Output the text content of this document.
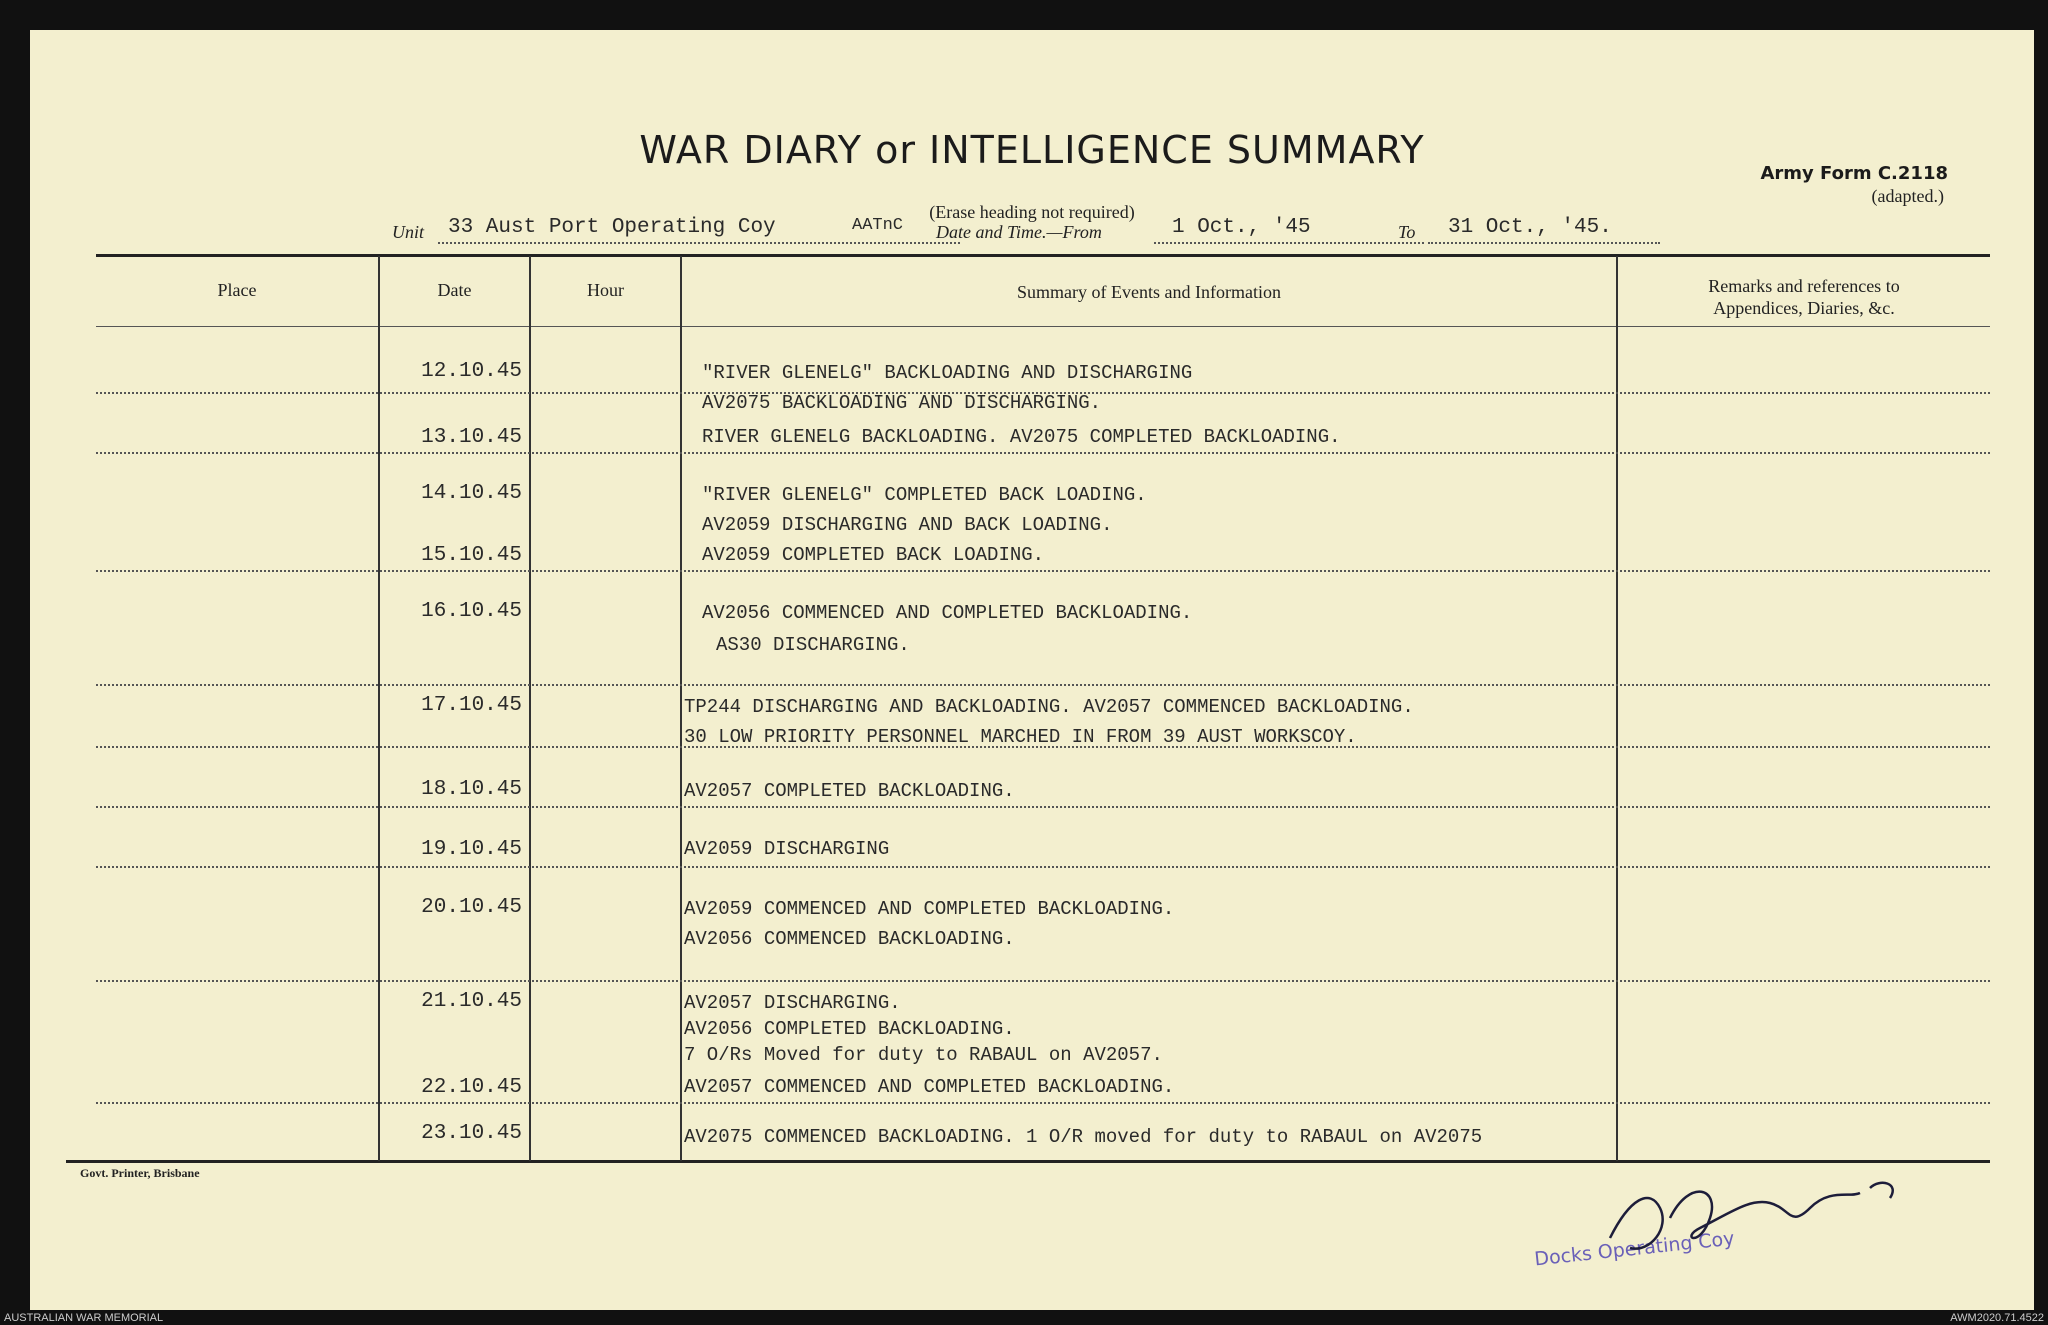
WAR DIARY or INTELLIGENCE SUMMARY
(Erase heading not required)
Army Form C.2118
(adapted.)
Unit 33 Aust Port Operating Coy	AATnC Date and Time.—From	1 Oct., '45	To 31 Oct., '45.
Place	Date	Hour	Summary of Events and Information	Remarks and references to
Appendices, Diaries, &c.
12.10.45	"RIVER GLENELG" BACKLOADING AND DISCHARGING
AV2075 BACKLOADING AND DISCHARGING.
13.10.45	RIVER GLENELG BACKLOADING. AV2075 COMPLETED BACKLOADING.
14.10.45	"RIVER GLENELG" COMPLETED BACK LOADING.
AV2059 DISCHARGING AND BACK LOADING.
15.10.45	AV2059 COMPLETED BACK LOADING.
16.10.45	AV2056 COMMENCED AND COMPLETED BACKLOADING.
AS30 DISCHARGING.
17.10.45	TP244 DISCHARGING AND BACKLOADING. AV2057 COMMENCED BACKLOADING.
30 LOW PRIORITY PERSONNEL MARCHED IN FROM 39 AUST WORKSCOY.
18.10.45	AV2057 COMPLETED BACKLOADING.
19.10.45	AV2059 DISCHARGING
20.10.45	AV2059 COMMENCED AND COMPLETED BACKLOADING.
AV2056 COMMENCED BACKLOADING.
21.10.45	AV2057 DISCHARGING.
AV2056 COMPLETED BACKLOADING.
7 O/Rs Moved for duty to RABAUL on AV2057.
22.10.45	AV2057 COMMENCED AND COMPLETED BACKLOADING.
23.10.45	AV2075 COMMENCED BACKLOADING. 1 O/R moved for duty to RABAUL on AV2075
Govt. Printer, Brisbane
Docks Operating Coy
AUSTRALIAN WAR MEMORIAL	AWM2020.71.4522
